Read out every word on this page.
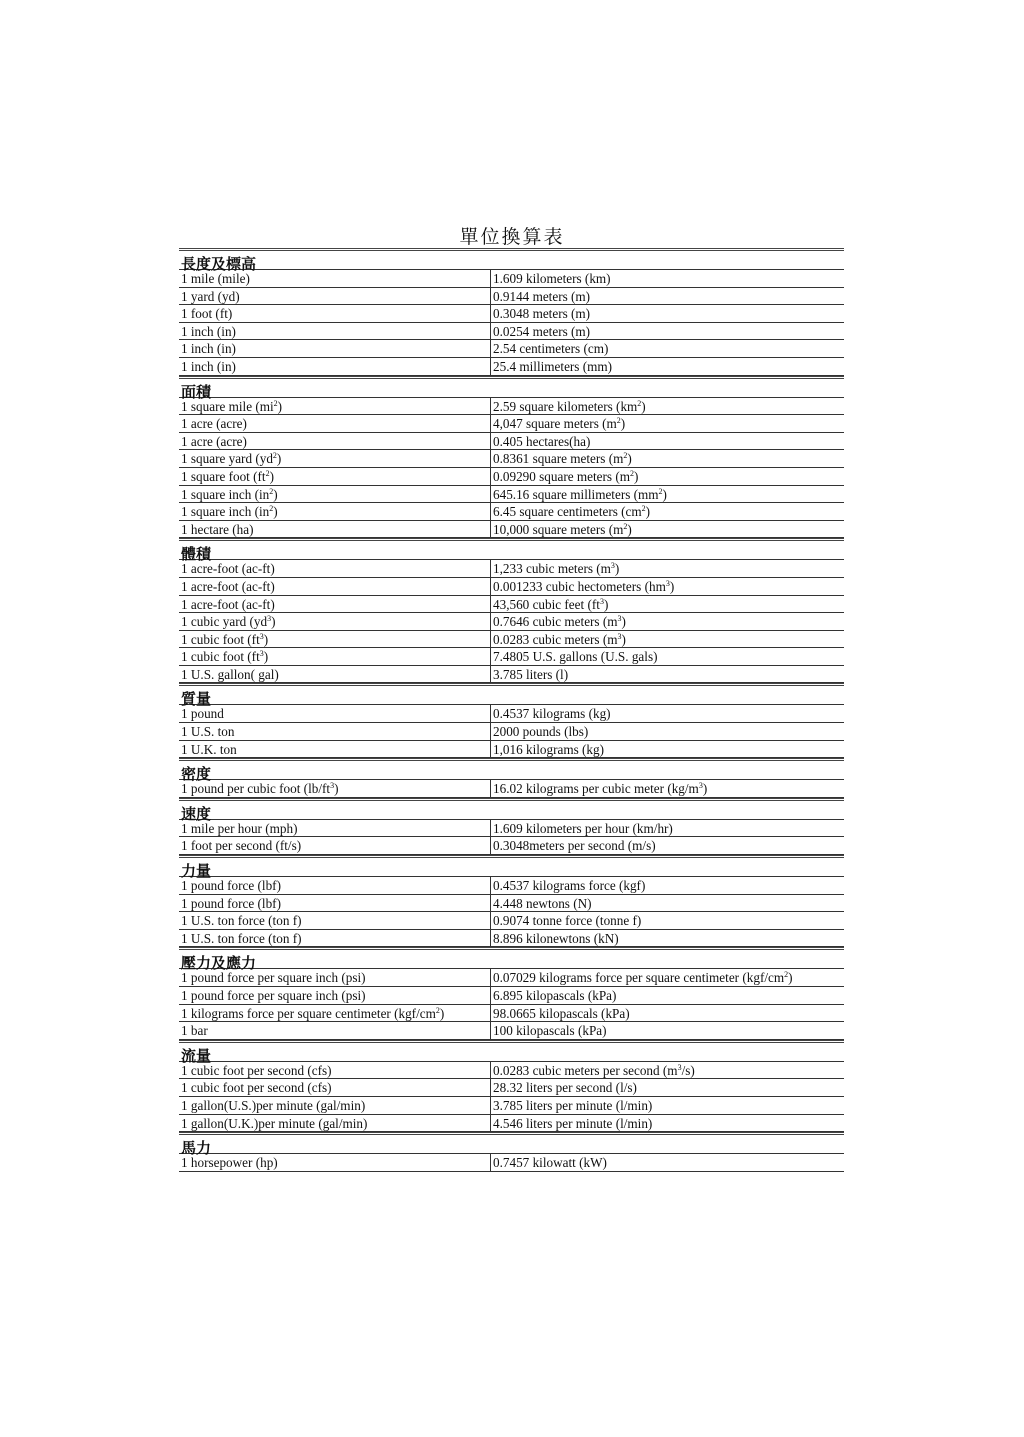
單位換算表
長度及標高
1 mile (mile)	1.609 kilometers (km)
1 yard (yd)	0.9144 meters (m)
1 foot (ft)	0.3048 meters (m)
1 inch (in)	0.0254 meters (m)
1 inch (in)	2.54 centimeters (cm)
1 inch (in)	25.4 millimeters (mm)
面積
1 square mile $(mi^2)$	2.59 square kilometers $(km^2)$
1 acre (acre)	4,047 square meters $(m^2)$
1 acre (acre)	0.405 hectares(ha)
1 square yard $(yd^2)$	0.8361 square meters $(m^2)$
1 square foot $(ft^2)$	0.09290 square meters $(m^2)$
1 square inch $(in^2)$	645.16 square millimeters $(mm^2)$
1 square inch $(in^2)$	6.45 square centimeters $(cm^2)$
1 hectare (ha)	10,000 square meters $(m^2)$
體積
1 acre-foot (ac-ft)	1,233 cubic meters $(m^3)$
1 acre-foot (ac-ft)	0.001233 cubic hectometers $(hm^3)$
1 acre-foot (ac-ft)	43,560 cubic feet $(ft^3)$
1 cubic yard $(yd^3)$	0.7646 cubic meters $(m^3)$
1 cubic foot $(ft^3)$	0.0283 cubic meters $(m^3)$
1 cubic foot $(ft^3)$	7.4805 U.S. gallons (U.S. gals)
1 U.S. gallon( gal)	3.785 liters (l)
質量
1 pound	0.4537 kilograms (kg)
1 U.S. ton	2000 pounds (lbs)
1 U.K. ton	1,016 kilograms (kg)
密度
1 pound per cubic foot $(lb/ft^3)$	16.02 kilograms per cubic meter $(kg/m^3)$
速度
1 mile per hour (mph)	1.609 kilometers per hour (km/hr)
1 foot per second (ft/s)	0.3048meters per second (m/s)
力量
1 pound force (lbf)	0.4537 kilograms force (kgf)
1 pound force (lbf)	4.448 newtons (N)
1 U.S. ton force (ton f)	0.9074 tonne force (tonne f)
1 U.S. ton force (ton f)	8.896 kilonewtons (kN)
壓力及應力
1 pound force per square inch (psi)	0.07029 kilograms force per square centimeter $(kgf/cm^2)$
1 pound force per square inch (psi)	6.895 kilopascals (kPa)
1 kilograms force per square centimeter $(kgf/cm^2)$	98.0665 kilopascals (kPa)
1 bar	100 kilopascals (kPa)
流量
1 cubic foot per second (cfs)	0.0283 cubic meters per second $(m^3/s)$
1 cubic foot per second (cfs)	28.32 liters per second (l/s)
1 gallon(U.S.)per minute (gal/min)	3.785 liters per minute (l/min)
1 gallon(U.K.)per minute (gal/min)	4.546 liters per minute (l/min)
馬力
1 horsepower (hp)	0.7457 kilowatt (kW)
